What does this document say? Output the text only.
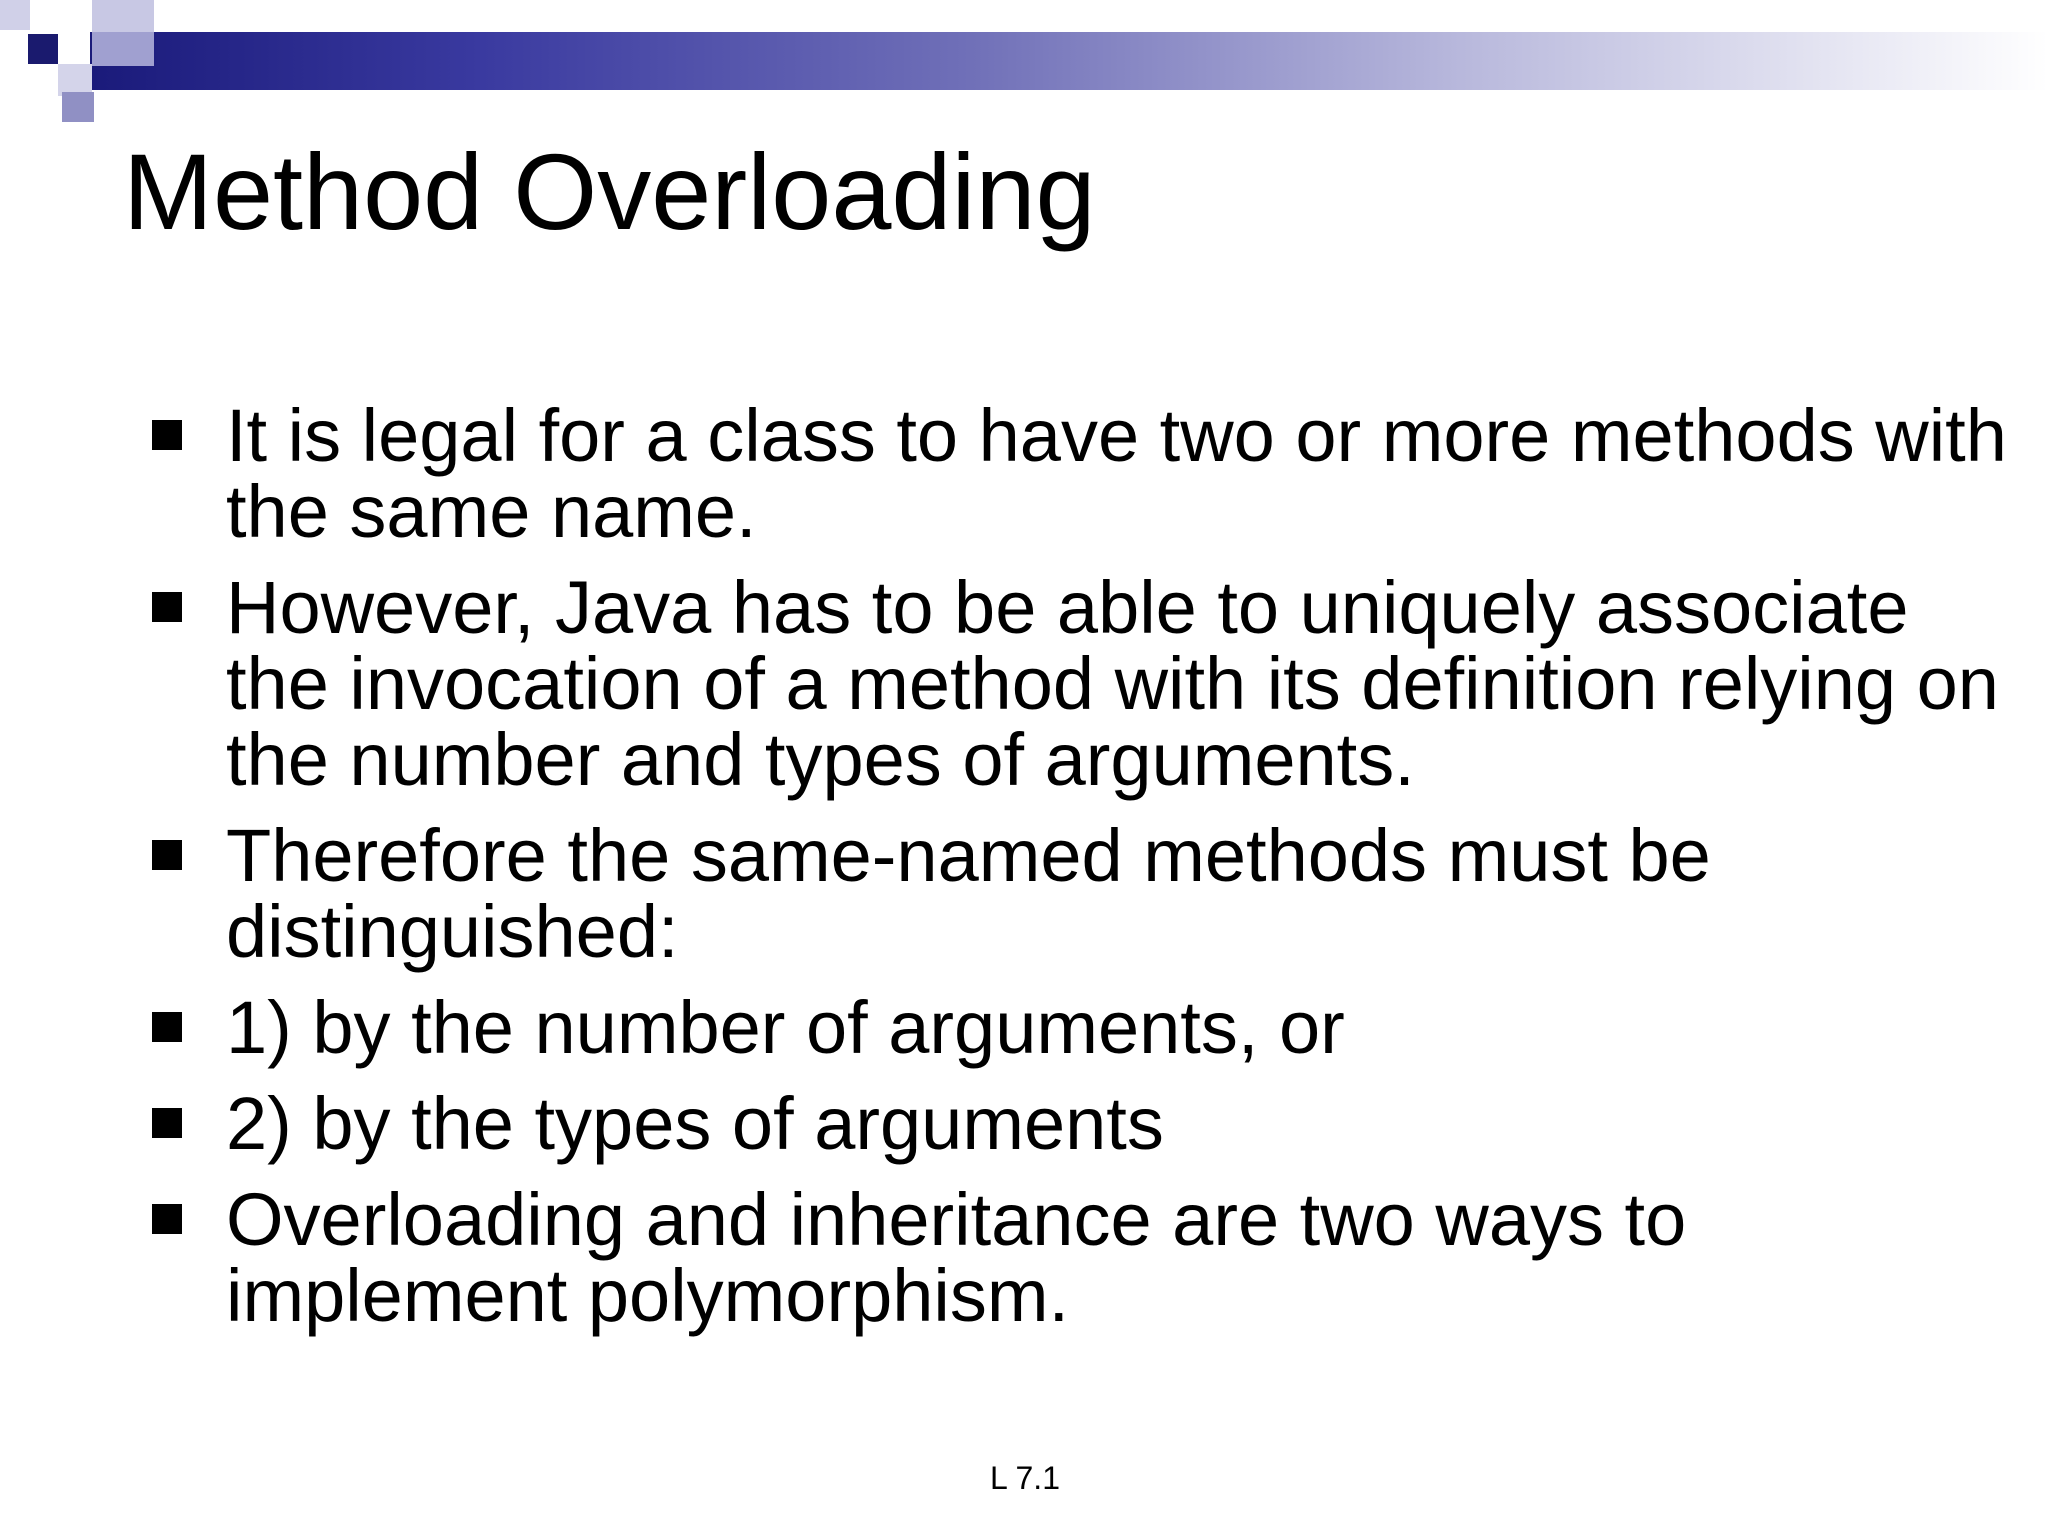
Method Overloading
It is legal for a class to have two or more methods with the same name.
However, Java has to be able to uniquely associate the invocation of a method with its definition relying on the number and types of arguments.
Therefore the same-named methods must be distinguished:
1) by the number of arguments, or
2) by the types of arguments
Overloading and inheritance are two ways to implement polymorphism.
L 7.1
